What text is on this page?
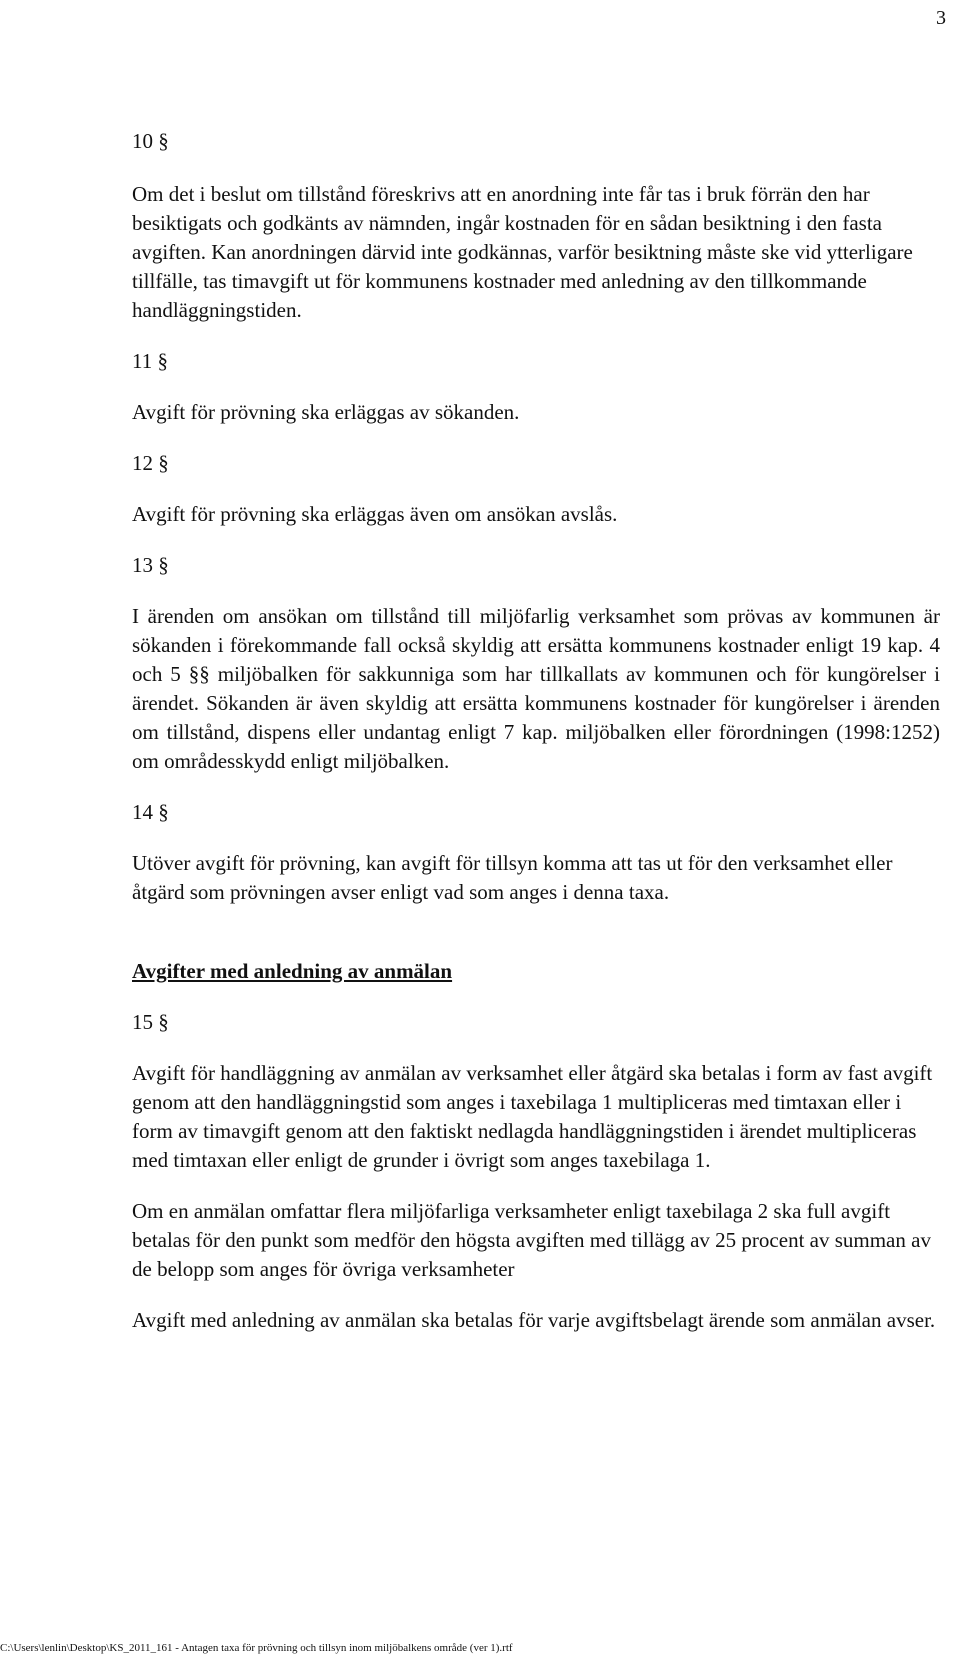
3

10 §

Om det i beslut om tillstånd föreskrivs att en anordning inte får tas i bruk förrän den har besiktigats och godkänts av nämnden, ingår kostnaden för en sådan besiktning i den fasta avgiften. Kan anordningen därvid inte godkännas, varför besiktning måste ske vid ytterligare tillfälle, tas timavgift ut för kommunens kostnader med anledning av den tillkommande handläggningstiden.

11 §

Avgift för prövning ska erläggas av sökanden.

12 §

Avgift för prövning ska erläggas även om ansökan avslås.

13 §

I ärenden om ansökan om tillstånd till miljöfarlig verksamhet som prövas av kommunen är sökanden i förekommande fall också skyldig att ersätta kommunens kostnader enligt 19 kap. 4 och 5 §§ miljöbalken för sakkunniga som har tillkallats av kommunen och för kungörelser i ärendet. Sökanden är även skyldig att ersätta kommunens kostnader för kungörelser i ärenden om tillstånd, dispens eller undantag enligt 7 kap. miljöbalken eller förordningen (1998:1252) om områdesskydd enligt miljöbalken.

14 §

Utöver avgift för prövning, kan avgift för tillsyn komma att tas ut för den verksamhet eller åtgärd som prövningen avser enligt vad som anges i denna taxa.

Avgifter med anledning av anmälan

15 §

Avgift för handläggning av anmälan av verksamhet eller åtgärd ska betalas i form av fast avgift genom att den handläggningstid som anges i taxebilaga 1 multipliceras med timtaxan eller i form av timavgift genom att den faktiskt nedlagda handläggningstiden i ärendet multipliceras med timtaxan eller enligt de grunder i övrigt som anges taxebilaga 1.

Om en anmälan omfattar flera miljöfarliga verksamheter enligt taxebilaga 2 ska full avgift betalas för den punkt som medför den högsta avgiften med tillägg av 25 procent av summan av de belopp som anges för övriga verksamheter

Avgift med anledning av anmälan ska betalas för varje avgiftsbelagt ärende som anmälan avser.

C:\Users\lenlin\Desktop\KS_2011_161 - Antagen taxa för prövning och tillsyn inom miljöbalkens område (ver 1).rtf
